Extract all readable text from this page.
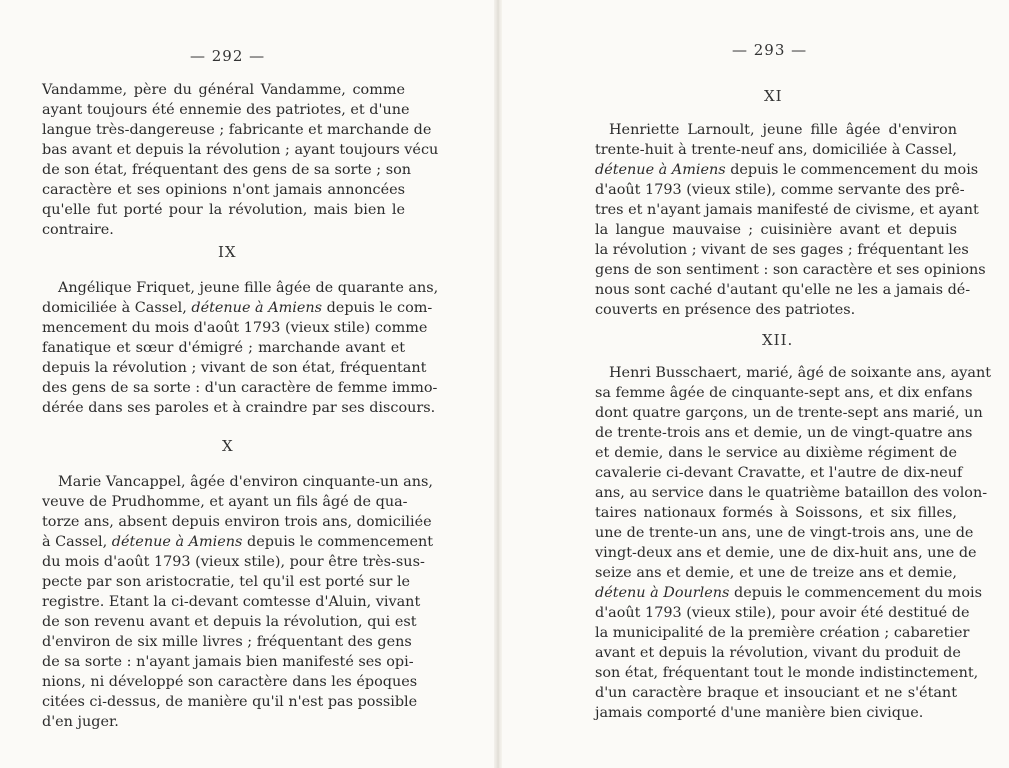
— 292 —
Vandamme, père du général Vandamme, comme
ayant toujours été ennemie des patriotes, et d'une
langue très-dangereuse ; fabricante et marchande de
bas avant et depuis la révolution ; ayant toujours vécu
de son état, fréquentant des gens de sa sorte ; son
caractère et ses opinions n'ont jamais annoncées
qu'elle fut porté pour la révolution, mais bien le
contraire.
IX
Angélique Friquet, jeune fille âgée de quarante ans,
domiciliée à Cassel, détenue à Amiens depuis le com-
mencement du mois d'août 1793 (vieux stile) comme
fanatique et sœur d'émigré ; marchande avant et
depuis la révolution ; vivant de son état, fréquentant
des gens de sa sorte : d'un caractère de femme immo-
dérée dans ses paroles et à craindre par ses discours.
X
Marie Vancappel, âgée d'environ cinquante-un ans,
veuve de Prudhomme, et ayant un fils âgé de qua-
torze ans, absent depuis environ trois ans, domiciliée
à Cassel, détenue à Amiens depuis le commencement
du mois d'août 1793 (vieux stile), pour être très-sus-
pecte par son aristocratie, tel qu'il est porté sur le
registre. Etant la ci-devant comtesse d'Aluin, vivant
de son revenu avant et depuis la révolution, qui est
d'environ de six mille livres ; fréquentant des gens
de sa sorte : n'ayant jamais bien manifesté ses opi-
nions, ni développé son caractère dans les époques
citées ci-dessus, de manière qu'il n'est pas possible
d'en juger.
— 293 —
XI
Henriette Larnoult, jeune fille âgée d'environ
trente-huit à trente-neuf ans, domiciliée à Cassel,
détenue à Amiens depuis le commencement du mois
d'août 1793 (vieux stile), comme servante des prê-
tres et n'ayant jamais manifesté de civisme, et ayant
la langue mauvaise ; cuisinière avant et depuis
la révolution ; vivant de ses gages ; fréquentant les
gens de son sentiment : son caractère et ses opinions
nous sont caché d'autant qu'elle ne les a jamais dé-
couverts en présence des patriotes.
XII.
Henri Busschaert, marié, âgé de soixante ans, ayant
sa femme âgée de cinquante-sept ans, et dix enfans
dont quatre garçons, un de trente-sept ans marié, un
de trente-trois ans et demie, un de vingt-quatre ans
et demie, dans le service au dixième régiment de
cavalerie ci-devant Cravatte, et l'autre de dix-neuf
ans, au service dans le quatrième bataillon des volon-
taires nationaux formés à Soissons, et six filles,
une de trente-un ans, une de vingt-trois ans, une de
vingt-deux ans et demie, une de dix-huit ans, une de
seize ans et demie, et une de treize ans et demie,
détenu à Dourlens depuis le commencement du mois
d'août 1793 (vieux stile), pour avoir été destitué de
la municipalité de la première création ; cabaretier
avant et depuis la révolution, vivant du produit de
son état, fréquentant tout le monde indistinctement,
d'un caractère braque et insouciant et ne s'étant
jamais comporté d'une manière bien civique.
